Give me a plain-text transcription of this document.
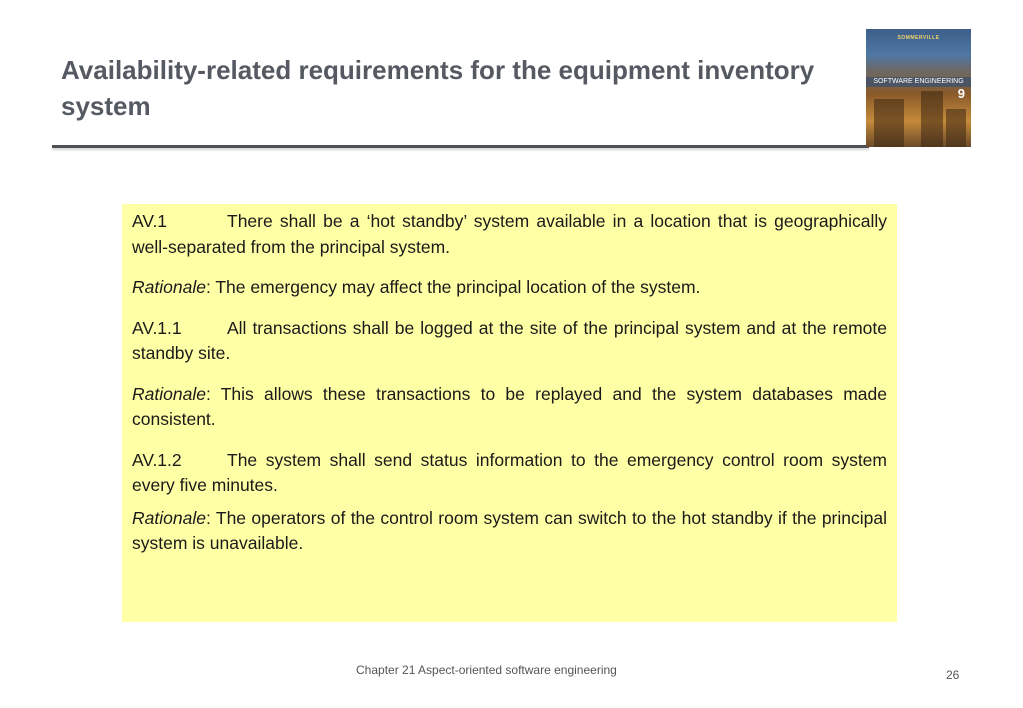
Availability-related requirements for the equipment inventory system
SOMMERVILLE
SOFTWARE ENGINEERING
9

AV.1	There shall be a ‘hot standby’ system available in a location that is geographically well-separated from the principal system.

Rationale: The emergency may affect the principal location of the system.

AV.1.1	All transactions shall be logged at the site of the principal system and at the remote standby site.

Rationale: This allows these transactions to be replayed and the system databases made consistent.

AV.1.2	The system shall send status information to the emergency control room system every five minutes.

Rationale: The operators of the control room system can switch to the hot standby if the principal system is unavailable.

Chapter 21 Aspect-oriented software engineering	26
